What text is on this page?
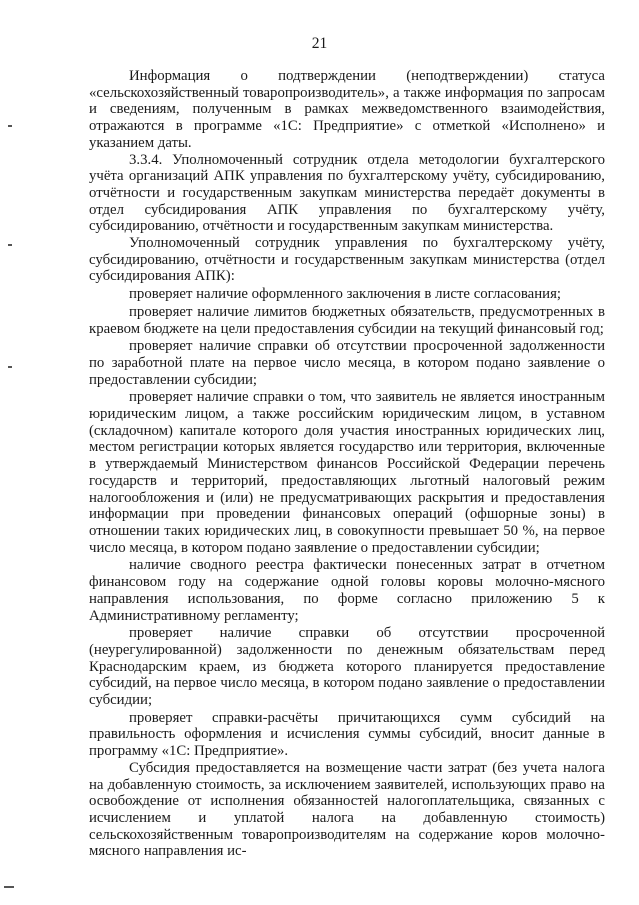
21

Информация о подтверждении (неподтверждении) статуса «сельскохозяйственный товаропроизводитель», а также информация по запросам и сведениям, полученным в рамках межведомственного взаимодействия, отражаются в программе «1С: Предприятие» с отметкой «Исполнено» и указанием даты.

3.3.4. Уполномоченный сотрудник отдела методологии бухгалтерского учёта организаций АПК управления по бухгалтерскому учёту, субсидированию, отчётности и государственным закупкам министерства передаёт документы в отдел субсидирования АПК управления по бухгалтерскому учёту, субсидированию, отчётности и государственным закупкам министерства.

Уполномоченный сотрудник управления по бухгалтерскому учёту, субсидированию, отчётности и государственным закупкам министерства (отдел субсидирования АПК):

проверяет наличие оформленного заключения в листе согласования;

проверяет наличие лимитов бюджетных обязательств, предусмотренных в краевом бюджете на цели предоставления субсидии на текущий финансовый год;

проверяет наличие справки об отсутствии просроченной задолженности по заработной плате на первое число месяца, в котором подано заявление о предоставлении субсидии;

проверяет наличие справки о том, что заявитель не является иностранным юридическим лицом, а также российским юридическим лицом, в уставном (складочном) капитале которого доля участия иностранных юридических лиц, местом регистрации которых является государство или территория, включенные в утверждаемый Министерством финансов Российской Федерации перечень государств и территорий, предоставляющих льготный налоговый режим налогообложения и (или) не предусматривающих раскрытия и предоставления информации при проведении финансовых операций (офшорные зоны) в отношении таких юридических лиц, в совокупности превышает 50 %, на первое число месяца, в котором подано заявление о предоставлении субсидии;

наличие сводного реестра фактически понесенных затрат в отчетном финансовом году на содержание одной головы коровы молочно-мясного направления использования, по форме согласно приложению 5 к Административному регламенту;

проверяет наличие справки об отсутствии просроченной (неурегулированной) задолженности по денежным обязательствам перед Краснодарским краем, из бюджета которого планируется предоставление субсидий, на первое число месяца, в котором подано заявление о предоставлении субсидии;

проверяет справки-расчёты причитающихся сумм субсидий на правильность оформления и исчисления суммы субсидий, вносит данные в программу «1С: Предприятие».

Субсидия предоставляется на возмещение части затрат (без учета налога на добавленную стоимость, за исключением заявителей, использующих право на освобождение от исполнения обязанностей налогоплательщика, связанных с исчислением и уплатой налога на добавленную стоимость) сельскохозяйственным товаропроизводителям на содержание коров молочно-мясного направления ис-
